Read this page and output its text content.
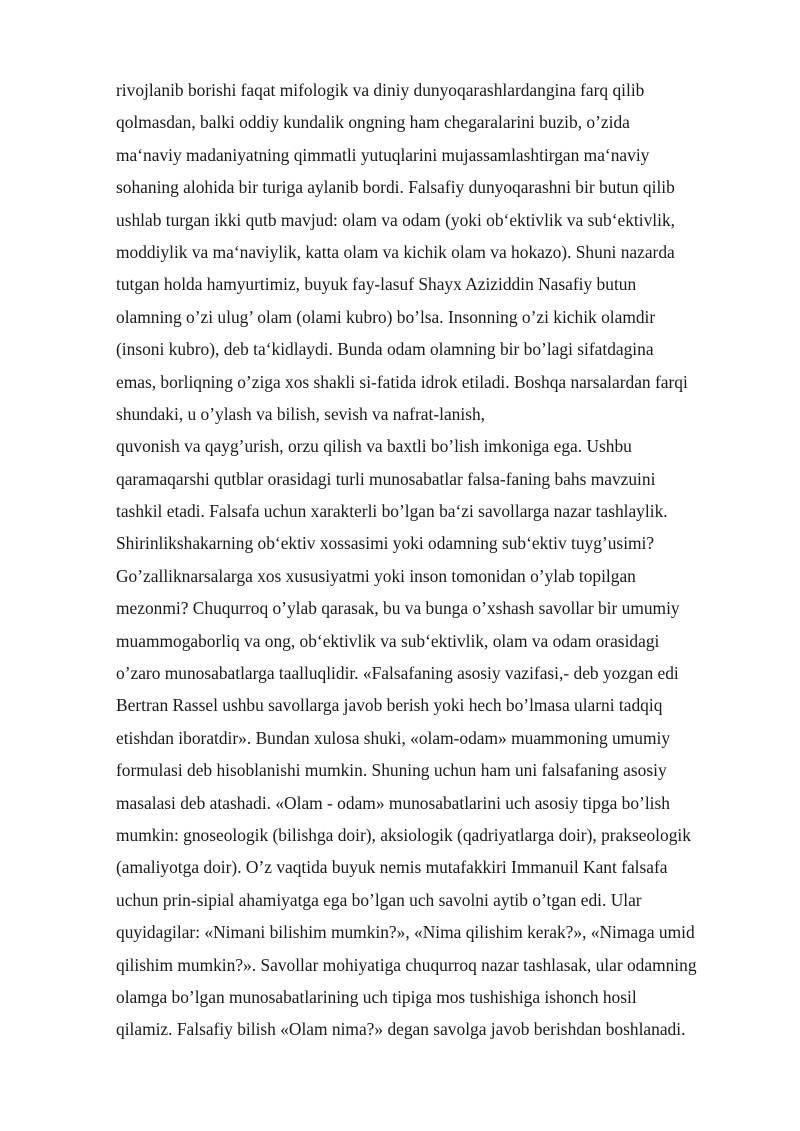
rivojlanib borishi faqat mifologik va diniy dunyoqarashlardangina farq qilib
qolmasdan, balki oddiy kundalik ongning ham chegaralarini buzib, o’zida
ma‘naviy madaniyatning qimmatli yutuqlarini mujassamlashtirgan ma‘naviy
sohaning alohida bir turiga aylanib bordi. Falsafiy dunyoqarashni bir butun qilib
ushlab turgan ikki qutb mavjud: olam va odam (yoki ob‘ektivlik va sub‘ektivlik,
moddiylik va ma‘naviylik, katta olam va kichik olam va hokazo). Shuni nazarda
tutgan holda hamyurtimiz, buyuk fay-lasuf Shayx Aziziddin Nasafiy butun
olamning o’zi ulug’ olam (olami kubro) bo’lsa. Insonning o’zi kichik olamdir
(insoni kubro), deb ta‘kidlaydi. Bunda odam olamning bir bo’lagi sifatdagina
emas, borliqning o’ziga xos shakli si-fatida idrok etiladi. Boshqa narsalardan farqi
shundaki, u o’ylash va bilish, sevish va nafrat-lanish,
quvonish va qayg’urish, orzu qilish va baxtli bo’lish imkoniga ega. Ushbu
qaramaqarshi qutblar orasidagi turli munosabatlar falsa-faning bahs mavzuini
tashkil etadi. Falsafa uchun xarakterli bo’lgan ba‘zi savollarga nazar tashlaylik.
Shirinlikshakarning ob‘ektiv xossasimi yoki odamning sub‘ektiv tuyg’usimi?
Go’zalliknarsalarga xos xususiyatmi yoki inson tomonidan o’ylab topilgan
mezonmi? Chuqurroq o’ylab qarasak, bu va bunga o’xshash savollar bir umumiy
muammogaborliq va ong, ob‘ektivlik va sub‘ektivlik, olam va odam orasidagi
o’zaro munosabatlarga taalluqlidir. «Falsafaning asosiy vazifasi,- deb yozgan edi
Bertran Rassel ushbu savollarga javob berish yoki hech bo’lmasa ularni tadqiq
etishdan iboratdir». Bundan xulosa shuki, «olam-odam» muammoning umumiy
formulasi deb hisoblanishi mumkin. Shuning uchun ham uni falsafaning asosiy
masalasi deb atashadi. «Olam - odam» munosabatlarini uch asosiy tipga bo’lish
mumkin: gnoseologik (bilishga doir), aksiologik (qadriyatlarga doir), prakseologik
(amaliyotga doir). O’z vaqtida buyuk nemis mutafakkiri Immanuil Kant falsafa
uchun prin-sipial ahamiyatga ega bo’lgan uch savolni aytib o’tgan edi. Ular
quyidagilar: «Nimani bilishim mumkin?», «Nima qilishim kerak?», «Nimaga umid
qilishim mumkin?». Savollar mohiyatiga chuqurroq nazar tashlasak, ular odamning
olamga bo’lgan munosabatlarining uch tipiga mos tushishiga ishonch hosil
qilamiz. Falsafiy bilish «Olam nima?» degan savolga javob berishdan boshlanadi.
